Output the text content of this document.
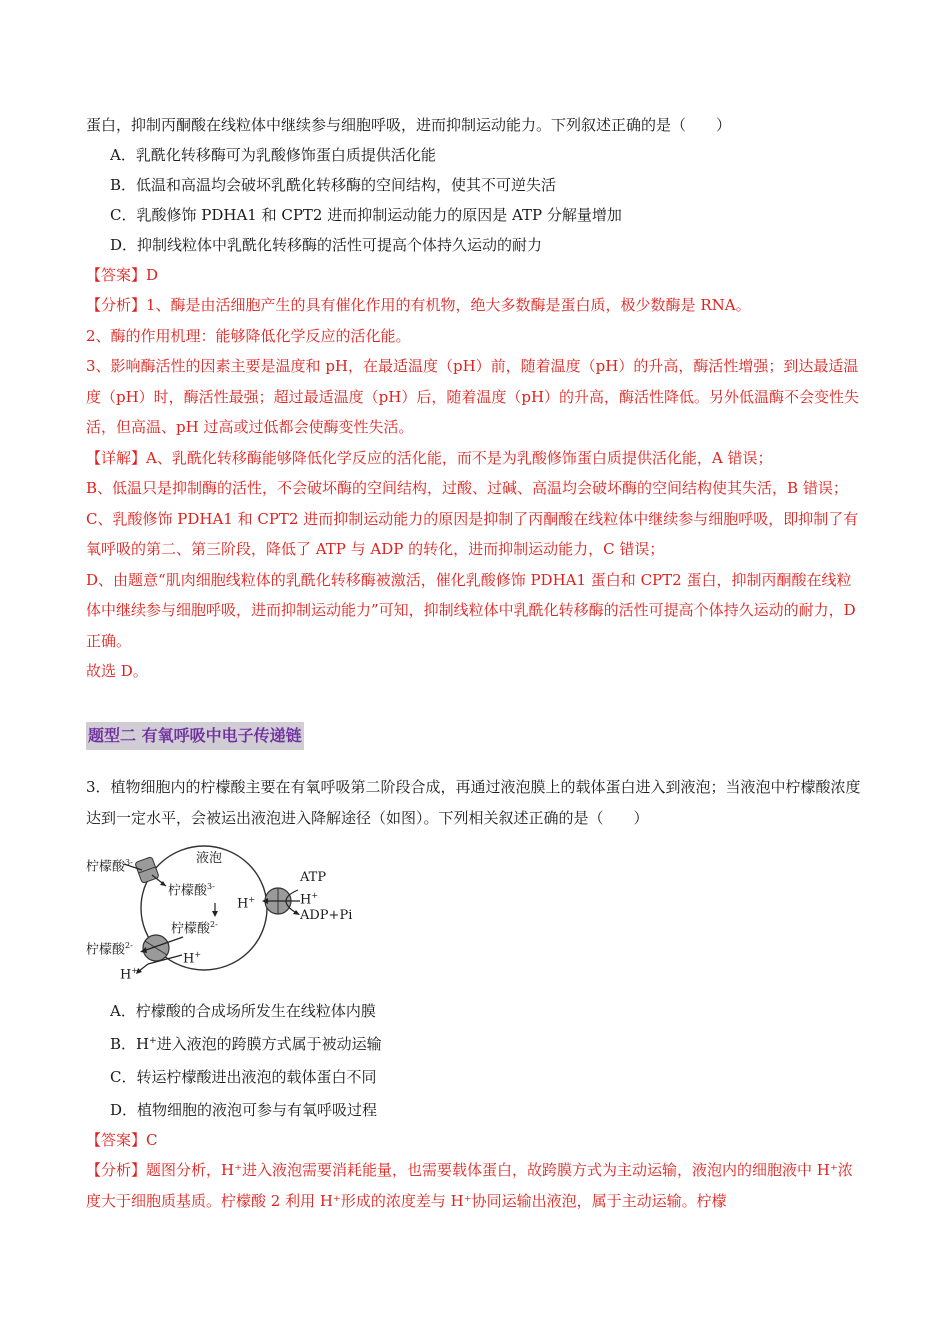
蛋白，抑制丙酮酸在线粒体中继续参与细胞呼吸，进而抑制运动能力。下列叙述正确的是（　　）
A．乳酰化转移酶可为乳酸修饰蛋白质提供活化能
B．低温和高温均会破坏乳酰化转移酶的空间结构，使其不可逆失活
C．乳酸修饰 PDHA1 和 CPT2 进而抑制运动能力的原因是 ATP 分解量增加
D．抑制线粒体中乳酰化转移酶的活性可提高个体持久运动的耐力
【答案】D
【分析】1、酶是由活细胞产生的具有催化作用的有机物，绝大多数酶是蛋白质，极少数酶是 RNA。
2、酶的作用机理：能够降低化学反应的活化能。
3、影响酶活性的因素主要是温度和 pH，在最适温度（pH）前，随着温度（pH）的升高，酶活性增强；到达最适温度（pH）时，酶活性最强；超过最适温度（pH）后，随着温度（pH）的升高，酶活性降低。另外低温酶不会变性失活，但高温、pH 过高或过低都会使酶变性失活。
【详解】A、乳酰化转移酶能够降低化学反应的活化能，而不是为乳酸修饰蛋白质提供活化能，A 错误；
B、低温只是抑制酶的活性，不会破坏酶的空间结构，过酸、过碱、高温均会破坏酶的空间结构使其失活，B 错误；
C、乳酸修饰 PDHA1 和 CPT2 进而抑制运动能力的原因是抑制了丙酮酸在线粒体中继续参与细胞呼吸，即抑制了有氧呼吸的第二、第三阶段，降低了 ATP 与 ADP 的转化，进而抑制运动能力，C 错误；
D、由题意“肌肉细胞线粒体的乳酰化转移酶被激活，催化乳酸修饰 PDHA1 蛋白和 CPT2 蛋白，抑制丙酮酸在线粒体中继续参与细胞呼吸，进而抑制运动能力”可知，抑制线粒体中乳酰化转移酶的活性可提高个体持久运动的耐力，D 正确。
故选 D。
题型二 有氧呼吸中电子传递链
3．植物细胞内的柠檬酸主要在有氧呼吸第二阶段合成，再通过液泡膜上的载体蛋白进入到液泡；当液泡中柠檬酸浓度达到一定水平，会被运出液泡进入降解途径（如图）。下列相关叙述正确的是（　　）
液泡
柠檬酸$^{3-}$
柠檬酸$^{3-}$
柠檬酸$^{2-}$
柠檬酸$^{2-}$
ATP
H+
H+
ADP+Pi
H+
H+
A．柠檬酸的合成场所发生在线粒体内膜
B．H+进入液泡的跨膜方式属于被动运输
C．转运柠檬酸进出液泡的载体蛋白不同
D．植物细胞的液泡可参与有氧呼吸过程
【答案】C
【分析】题图分析，H⁺进入液泡需要消耗能量，也需要载体蛋白，故跨膜方式为主动运输，液泡内的细胞液中 H⁺浓度大于细胞质基质。柠檬酸 2 利用 H⁺形成的浓度差与 H⁺协同运输出液泡，属于主动运输。柠檬
